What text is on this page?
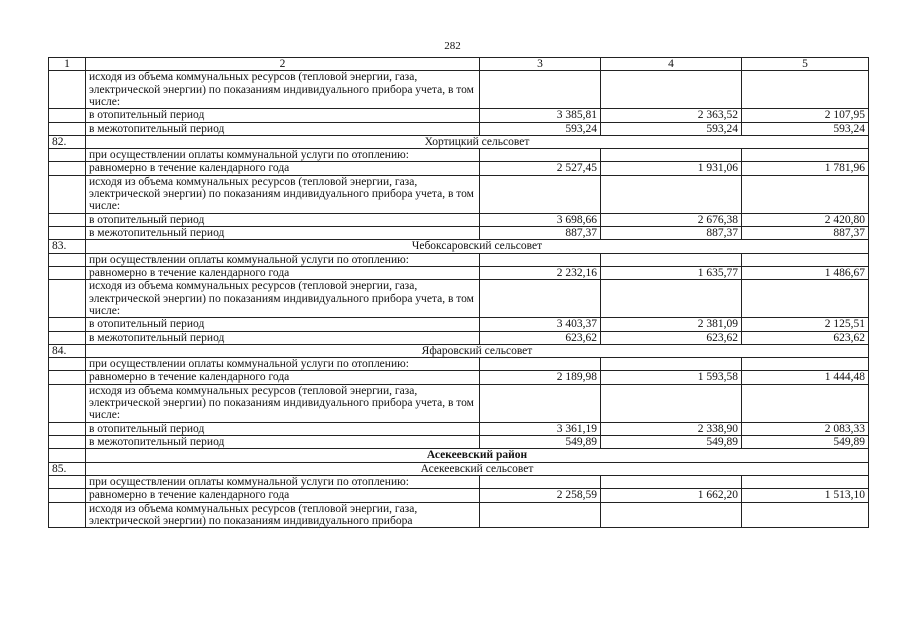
282
1	2	3	4	5
	исходя из объема коммунальных ресурсов (тепловой энергии, газа, электрической энергии) по показаниям индивидуального прибора учета, в том числе:			
	в отопительный период	3 385,81	2 363,52	2 107,95
	в межотопительный период	593,24	593,24	593,24
82.	Хортицкий сельсовет			
	при осуществлении оплаты коммунальной услуги по отоплению:			
	равномерно в течение календарного года	2 527,45	1 931,06	1 781,96
	исходя из объема коммунальных ресурсов (тепловой энергии, газа, электрической энергии) по показаниям индивидуального прибора учета, в том числе:			
	в отопительный период	3 698,66	2 676,38	2 420,80
	в межотопительный период	887,37	887,37	887,37
83.	Чебоксаровский сельсовет			
	при осуществлении оплаты коммунальной услуги по отоплению:			
	равномерно в течение календарного года	2 232,16	1 635,77	1 486,67
	исходя из объема коммунальных ресурсов (тепловой энергии, газа, электрической энергии) по показаниям индивидуального прибора учета, в том числе:			
	в отопительный период	3 403,37	2 381,09	2 125,51
	в межотопительный период	623,62	623,62	623,62
84.	Яфаровский сельсовет			
	при осуществлении оплаты коммунальной услуги по отоплению:			
	равномерно в течение календарного года	2 189,98	1 593,58	1 444,48
	исходя из объема коммунальных ресурсов (тепловой энергии, газа, электрической энергии) по показаниям индивидуального прибора учета, в том числе:			
	в отопительный период	3 361,19	2 338,90	2 083,33
	в межотопительный период	549,89	549,89	549,89
	Асекеевский район			
85.	Асекеевский сельсовет			
	при осуществлении оплаты коммунальной услуги по отоплению:			
	равномерно в течение календарного года	2 258,59	1 662,20	1 513,10
	исходя из объема коммунальных ресурсов (тепловой энергии, газа, электрической энергии) по показаниям индивидуального прибора			
